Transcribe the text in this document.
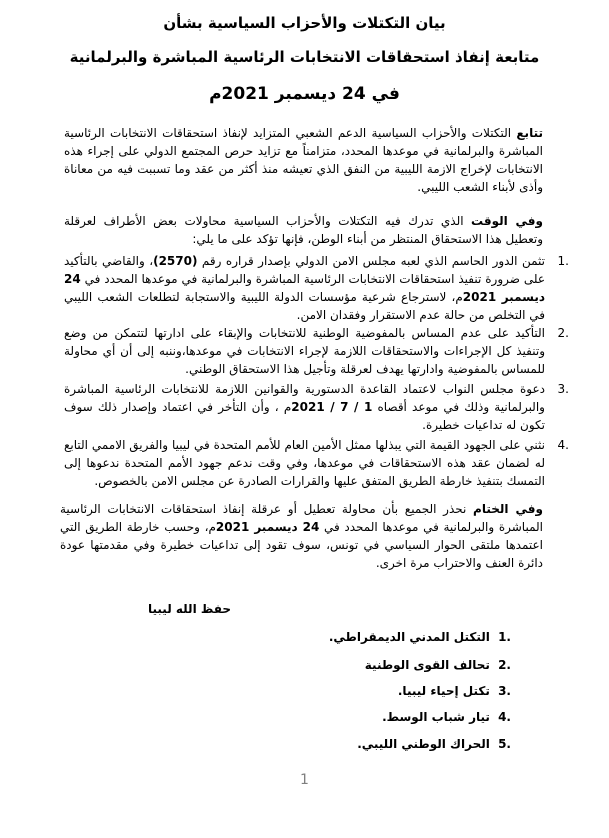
بيان التكتلات والأحزاب السياسية بشأن
متابعة إنفاذ استحقاقات الانتخابات الرئاسية المباشرة والبرلمانية
في 24 ديسمبر 2021م
تتابع التكتلات والأحزاب السياسية الدعم الشعبي المتزايد لإنفاذ استحقاقات الانتخابات الرئاسية المباشرة والبرلمانية في موعدها المحدد، متزامناً مع تزايد حرص المجتمع الدولي على إجراء هذه الانتخابات لإخراج الازمة الليبية من النفق الذي تعيشه منذ أكثر من عقد وما تسببت فيه من معاناة وأذى لأبناء الشعب الليبي.
وفي الوقت الذي تدرك فيه التكتلات والأحزاب السياسية محاولات بعض الأطراف لعرقلة وتعطيل هذا الاستحقاق المنتظر من أبناء الوطن، فإنها تؤكد على ما يلي:
1.
تثمن الدور الحاسم الذي لعبه مجلس الامن الدولي بإصدار قراره رقم (2570)، والقاضي بالتأكيد على ضرورة تنفيذ استحقاقات الانتخابات الرئاسية المباشرة والبرلمانية في موعدها المحدد في 24 ديسمبر 2021م، لاسترجاع شرعية مؤسسات الدولة الليبية والاستجابة لتطلعات الشعب الليبي في التخلص من حالة عدم الاستقرار وفقدان الامن.
2.
التأكيد على عدم المساس بالمفوضية الوطنية للانتخابات والإبقاء على ادارتها لتتمكن من وضع وتنفيذ كل الإجراءات والاستحقاقات اللازمة لإجراء الانتخابات في موعدها،وننبه إلى أن أي محاولة للمساس بالمفوضية وادارتها يهدف لعرقلة وتأجيل هذا الاستحقاق الوطني.
3.
دعوة مجلس النواب لاعتماد القاعدة الدستورية والقوانين اللازمة للانتخابات الرئاسية المباشرة والبرلمانية وذلك في موعد أقصاه 1 / 7 / 2021م ، وأن التأخر في اعتماد وإصدار ذلك سوف تكون له تداعيات خطيرة.
4.
نثني على الجهود القيمة التي يبذلها ممثل الأمين العام للأمم المتحدة في ليبيا والفريق الاممي التابع له لضمان عقد هذه الاستحقاقات في موعدها، وفي وقت ندعم جهود الأمم المتحدة ندعوها إلى التمسك بتنفيذ خارطة الطريق المتفق عليها والقرارات الصادرة عن مجلس الامن بالخصوص.
وفي الختام نحذر الجميع بأن محاولة تعطيل أو عرقلة إنفاذ استحقاقات الانتخابات الرئاسية المباشرة والبرلمانية في موعدها المحدد في 24 ديسمبر 2021م، وحسب خارطة الطريق التي اعتمدها ملتقى الحوار السياسي في تونس، سوف تقود إلى تداعيات خطيرة وفي مقدمتها عودة دائرة العنف والاحتراب مرة اخرى.
حفظ الله ليبيا
1. التكتل المدني الديمقراطي.
2. تحالف القوى الوطنية
3. تكتل إحياء ليبيا.
4. تيار شباب الوسط.
5. الحراك الوطني الليبي.
1
